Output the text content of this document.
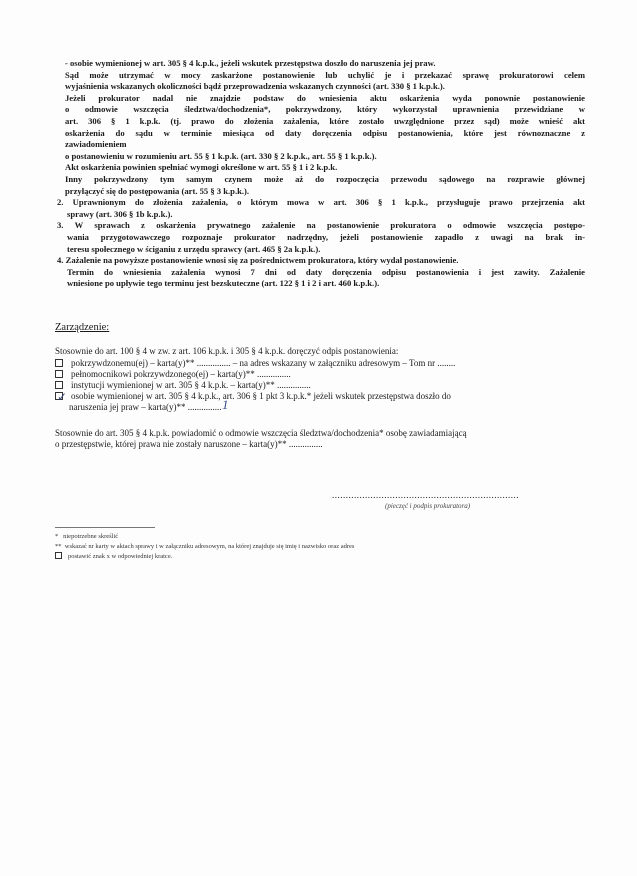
- osobie wymienionej w art. 305 § 4 k.p.k., jeżeli wskutek przestępstwa doszło do naruszenia jej praw.
Sąd może utrzymać w mocy zaskarżone postanowienie lub uchylić je i przekazać sprawę prokuratorowi celem
wyjaśnienia wskazanych okoliczności bądź przeprowadzenia wskazanych czynności (art. 330 § 1 k.p.k.).
Jeżeli prokurator nadal nie znajdzie podstaw do wniesienia aktu oskarżenia wyda ponownie postanowienie
o odmowie wszczęcia śledztwa/dochodzenia*, pokrzywdzony, który wykorzystał uprawnienia przewidziane w
art. 306 § 1 k.p.k. (tj. prawo do złożenia zażalenia, które zostało uwzględnione przez sąd) może wnieść akt
oskarżenia do sądu w terminie miesiąca od daty doręczenia odpisu postanowienia, które jest równoznaczne z
zawiadomieniem
o postanowieniu w rozumieniu art. 55 § 1 k.p.k. (art. 330 § 2 k.p.k., art. 55 § 1 k.p.k.).
Akt oskarżenia powinien spełniać wymogi określone w art. 55 § 1 i 2 k.p.k.
Inny pokrzywdzony tym samym czynem może aż do rozpoczęcia przewodu sądowego na rozprawie głównej
przyłączyć się do postępowania (art. 55 § 3 k.p.k.).
2. Uprawnionym do złożenia zażalenia, o którym mowa w art. 306 § 1 k.p.k., przysługuje prawo przejrzenia akt
sprawy (art. 306 § 1b k.p.k.).
3. W sprawach z oskarżenia prywatnego zażalenie na postanowienie prokuratora o odmowie wszczęcia postępo-
wania przygotowawczego rozpoznaje prokurator nadrzędny, jeżeli postanowienie zapadło z uwagi na brak in-
teresu społecznego w ściganiu z urzędu sprawcy (art. 465 § 2a k.p.k.).
4. Zażalenie na powyższe postanowienie wnosi się za pośrednictwem prokuratora, który wydał postanowienie.
Termin do wniesienia zażalenia wynosi 7 dni od daty doręczenia odpisu postanowienia i jest zawity. Zażalenie
wniesione po upływie tego terminu jest bezskuteczne (art. 122 § 1 i 2 i art. 460 k.p.k.).
Zarządzenie:
Stosownie do art. 100 § 4 w zw. z art. 106 k.p.k. i 305 § 4 k.p.k. doręczyć odpis postanowienia:
pokrzywdzonemu(ej) – karta(y)** ............... – na adres wskazany w załączniku adresowym – Tom nr ........
pełnomocnikowi pokrzywdzonego(ej) – karta(y)** ...............
instytucji wymienionej w art. 305 § 4 k.p.k. – karta(y)** ...............
osobie wymienionej w art. 305 § 4 k.p.k., art. 306 § 1 pkt 3 k.p.k.* jeżeli wskutek przestępstwa doszło do
naruszenia jej praw – karta(y)** ...............
✓	1
Stosownie do art. 305 § 4 k.p.k. powiadomić o odmowie wszczęcia śledztwa/dochodzenia* osobę zawiadamiającą
o przestępstwie, której prawa nie zostały naruszone – karta(y)** ...............
....................................................................
(pieczęć i podpis prokuratora)
* niepotrzebne skreślić
** wskazać nr karty w aktach sprawy i w załączniku adresowym, na której znajduje się imię i nazwisko oraz adres
postawić znak x w odpowiedniej kratce.
